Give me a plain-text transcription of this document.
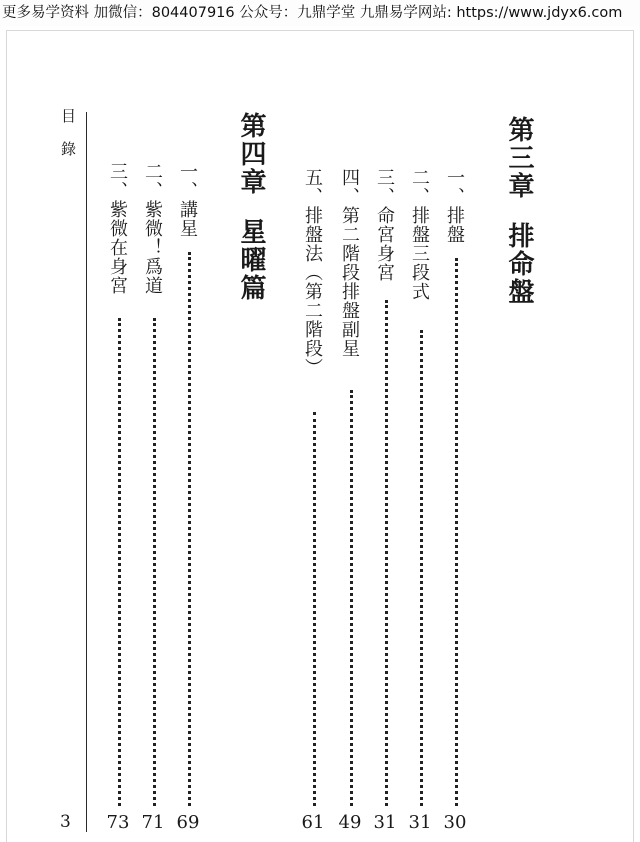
更多易学资料 加微信：804407916 公众号：九鼎学堂 九鼎易学网站: https://www.jdyx6.com
目錄
3
第三章排命盤
一、排盤
30
二、排盤三段式
31
三、命宮身宮
31
四、第二階段排盤副星
49
五、排盤法（第二階段）
61
第四章星曜篇
一、講星
69
二、紫微！爲道
71
三、紫微在身宮
73
